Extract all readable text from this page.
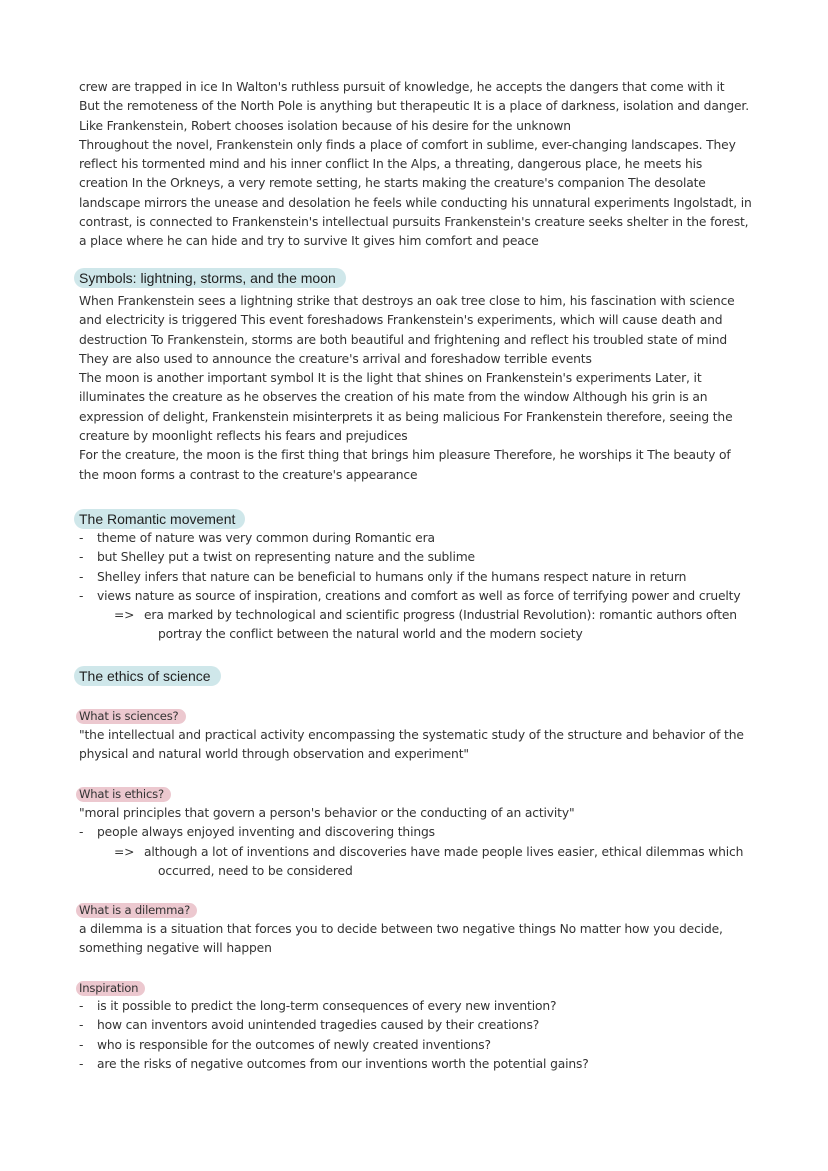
crew are trapped in ice In Walton's ruthless pursuit of knowledge, he accepts the dangers that come with it
But the remoteness of the North Pole is anything but therapeutic It is a place of darkness, isolation and danger.
Like Frankenstein, Robert chooses isolation because of his desire for the unknown
Throughout the novel, Frankenstein only finds a place of comfort in sublime, ever-changing landscapes. They
reflect his tormented mind and his inner conflict In the Alps, a threating, dangerous place, he meets his
creation In the Orkneys, a very remote setting, he starts making the creature's companion The desolate
landscape mirrors the unease and desolation he feels while conducting his unnatural experiments Ingolstadt, in
contrast, is connected to Frankenstein's intellectual pursuits Frankenstein's creature seeks shelter in the forest,
a place where he can hide and try to survive It gives him comfort and peace

Symbols: lightning, storms, and the moon

When Frankenstein sees a lightning strike that destroys an oak tree close to him, his fascination with science
and electricity is triggered This event foreshadows Frankenstein's experiments, which will cause death and
destruction To Frankenstein, storms are both beautiful and frightening and reflect his troubled state of mind
They are also used to announce the creature's arrival and foreshadow terrible events
The moon is another important symbol It is the light that shines on Frankenstein's experiments Later, it
illuminates the creature as he observes the creation of his mate from the window Although his grin is an
expression of delight, Frankenstein misinterprets it as being malicious For Frankenstein therefore, seeing the
creature by moonlight reflects his fears and prejudices
For the creature, the moon is the first thing that brings him pleasure Therefore, he worships it The beauty of
the moon forms a contrast to the creature's appearance

The Romantic movement
- theme of nature was very common during Romantic era
- but Shelley put a twist on representing nature and the sublime
- Shelley infers that nature can be beneficial to humans only if the humans respect nature in return
- views nature as source of inspiration, creations and comfort as well as force of terrifying power and cruelty
=> era marked by technological and scientific progress (Industrial Revolution): romantic authors often
portray the conflict between the natural world and the modern society
The ethics of science
What is sciences?

"the intellectual and practical activity encompassing the systematic study of the structure and behavior of the
physical and natural world through observation and experiment"

What is ethics?

"moral principles that govern a person's behavior or the conducting of an activity"

- people always enjoyed inventing and discovering things
=> although a lot of inventions and discoveries have made people lives easier, ethical dilemmas which
occurred, need to be considered
What is a dilemma?

a dilemma is a situation that forces you to decide between two negative things No matter how you decide,
something negative will happen

Inspiration
- is it possible to predict the long-term consequences of every new invention?
- how can inventors avoid unintended tragedies caused by their creations?
- who is responsible for the outcomes of newly created inventions?
- are the risks of negative outcomes from our inventions worth the potential gains?
